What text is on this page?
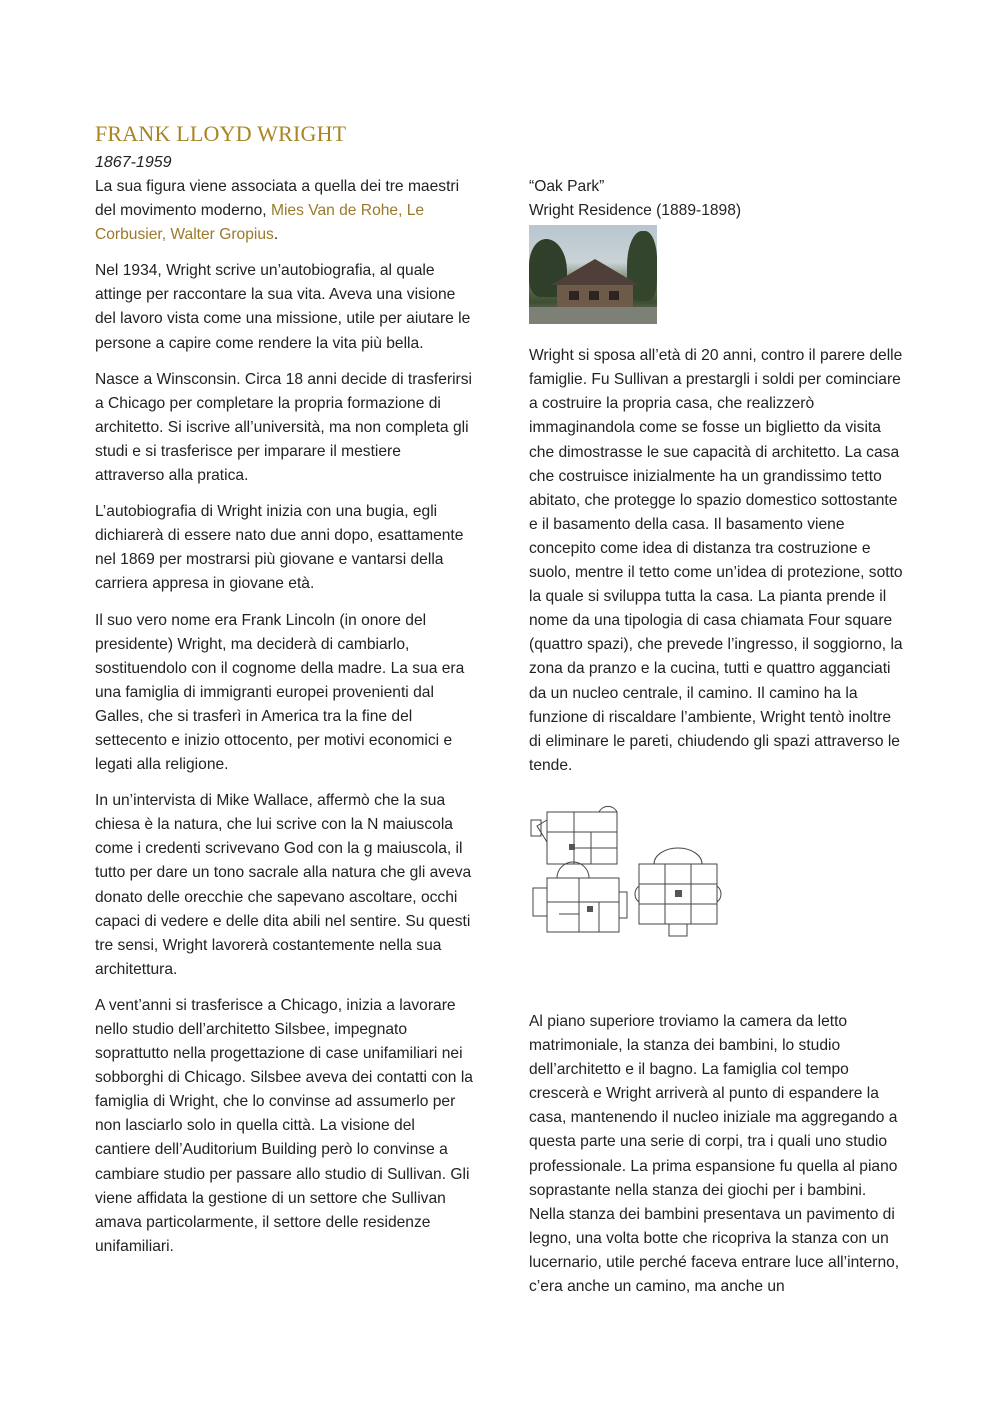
FRANK LLOYD WRIGHT
1867-1959

La sua figura viene associata a quella dei tre maestri del movimento moderno, Mies Van de Rohe, Le Corbusier, Walter Gropius.

Nel 1934, Wright scrive un’autobiografia, al quale attinge per raccontare la sua vita. Aveva una visione del lavoro vista come una missione, utile per aiutare le persone a capire come rendere la vita più bella.

Nasce a Winsconsin. Circa 18 anni decide di trasferirsi a Chicago per completare la propria formazione di architetto. Si iscrive all’università, ma non completa gli studi e si trasferisce per imparare il mestiere attraverso alla pratica.

L’autobiografia di Wright inizia con una bugia, egli dichiarerà di essere nato due anni dopo, esattamente nel 1869 per mostrarsi più giovane e vantarsi della carriera appresa in giovane età.

Il suo vero nome era Frank Lincoln (in onore del presidente) Wright, ma deciderà di cambiarlo, sostituendolo con il cognome della madre. La sua era una famiglia di immigranti europei provenienti dal Galles, che si trasferì in America tra la fine del settecento e inizio ottocento, per motivi economici e legati alla religione.

In un’intervista di Mike Wallace, affermò che la sua chiesa è la natura, che lui scrive con la N maiuscola come i credenti scrivevano God con la g maiuscola, il tutto per dare un tono sacrale alla natura che gli aveva donato delle orecchie che sapevano ascoltare, occhi capaci di vedere e delle dita abili nel sentire. Su questi tre sensi, Wright lavorerà costantemente nella sua architettura.

A vent’anni si trasferisce a Chicago, inizia a lavorare nello studio dell’architetto Silsbee, impegnato soprattutto nella progettazione di case unifamiliari nei sobborghi di Chicago. Silsbee aveva dei contatti con la famiglia di Wright, che lo convinse ad assumerlo per non lasciarlo solo in quella città. La visione del cantiere dell’Auditorium Building però lo convinse a cambiare studio per passare allo studio di Sullivan. Gli viene affidata la gestione di un settore che Sullivan amava particolarmente, il settore delle residenze unifamiliari.

“Oak Park”

Wright Residence (1889-1898)

Wright si sposa all’età di 20 anni, contro il parere delle famiglie. Fu Sullivan a prestargli i soldi per cominciare a costruire la propria casa, che realizzerò immaginandola come se fosse un biglietto da visita che dimostrasse le sue capacità di architetto. La casa che costruisce inizialmente ha un grandissimo tetto abitato, che protegge lo spazio domestico sottostante e il basamento della casa. Il basamento viene concepito come idea di distanza tra costruzione e suolo, mentre il tetto come un’idea di protezione, sotto la quale si sviluppa tutta la casa. La pianta prende il nome da una tipologia di casa chiamata Four square (quattro spazi), che prevede l’ingresso, il soggiorno, la zona da pranzo e la cucina, tutti e quattro agganciati da un nucleo centrale, il camino. Il camino ha la funzione di riscaldare l’ambiente, Wright tentò inoltre di eliminare le pareti, chiudendo gli spazi attraverso le tende.

Al piano superiore troviamo la camera da letto matrimoniale, la stanza dei bambini, lo studio dell’architetto e il bagno. La famiglia col tempo crescerà e Wright arriverà al punto di espandere la casa, mantenendo il nucleo iniziale ma aggregando a questa parte una serie di corpi, tra i quali uno studio professionale. La prima espansione fu quella al piano soprastante nella stanza dei giochi per i bambini. Nella stanza dei bambini presentava un pavimento di legno, una volta botte che ricopriva la stanza con un lucernario, utile perché faceva entrare luce all’interno, c’era anche un camino, ma anche un
